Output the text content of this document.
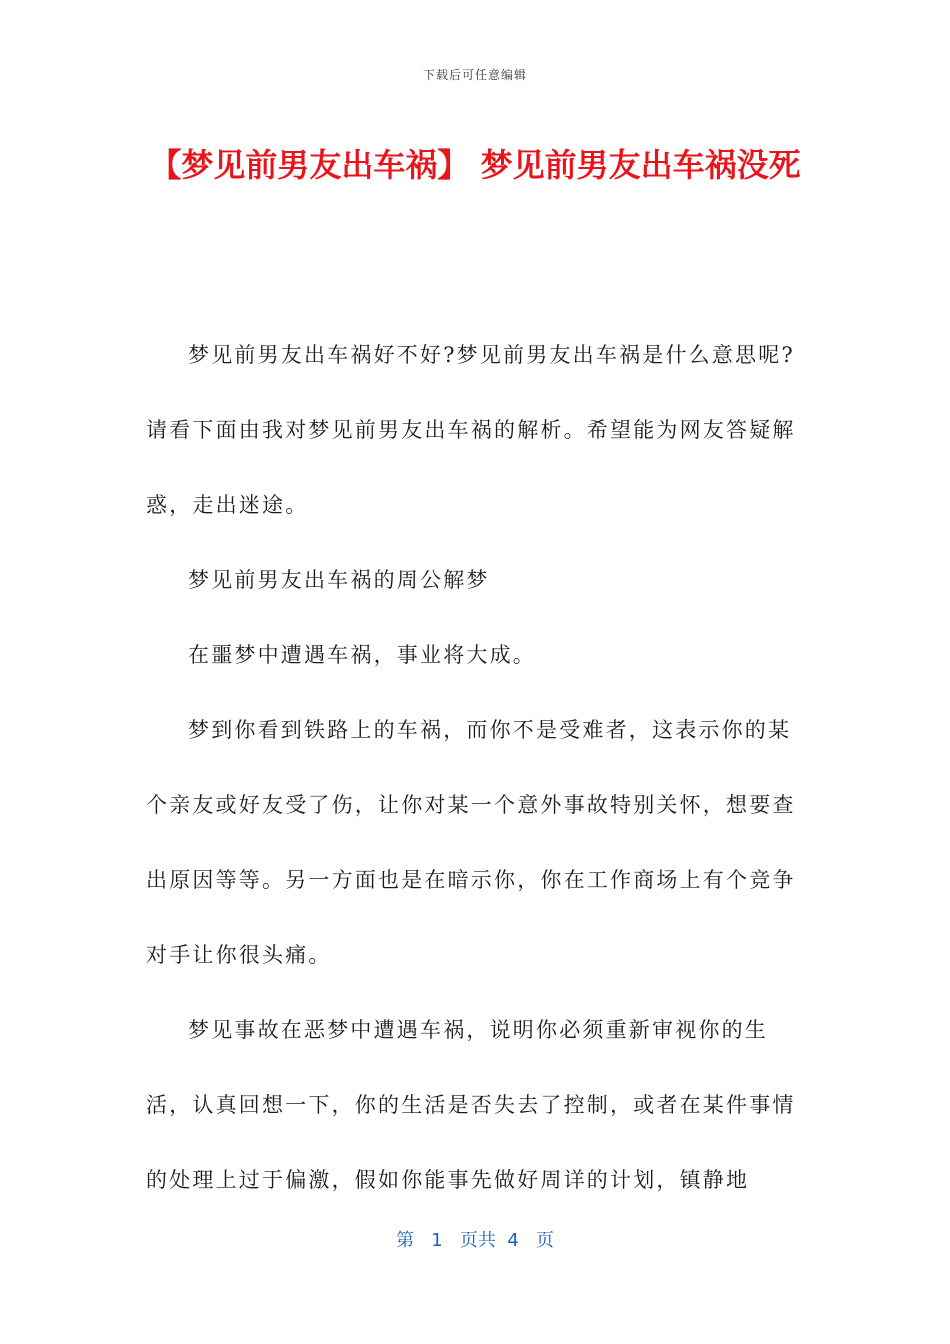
下载后可任意编辑
【梦见前男友出车祸】 梦见前男友出车祸没死

梦见前男友出车祸好不好?梦见前男友出车祸是什么意思呢?请看下面由我对梦见前男友出车祸的解析。希望能为网友答疑解惑，走出迷途。

梦见前男友出车祸的周公解梦

在噩梦中遭遇车祸，事业将大成。

梦到你看到铁路上的车祸，而你不是受难者，这表示你的某个亲友或好友受了伤，让你对某一个意外事故特别关怀，想要查出原因等等。另一方面也是在暗示你，你在工作商场上有个竞争对手让你很头痛。

梦见事故在恶梦中遭遇车祸，说明你必须重新审视你的生活，认真回想一下，你的生活是否失去了控制，或者在某件事情的处理上过于偏激，假如你能事先做好周详的计划，镇静地

第 1 页共 4 页
